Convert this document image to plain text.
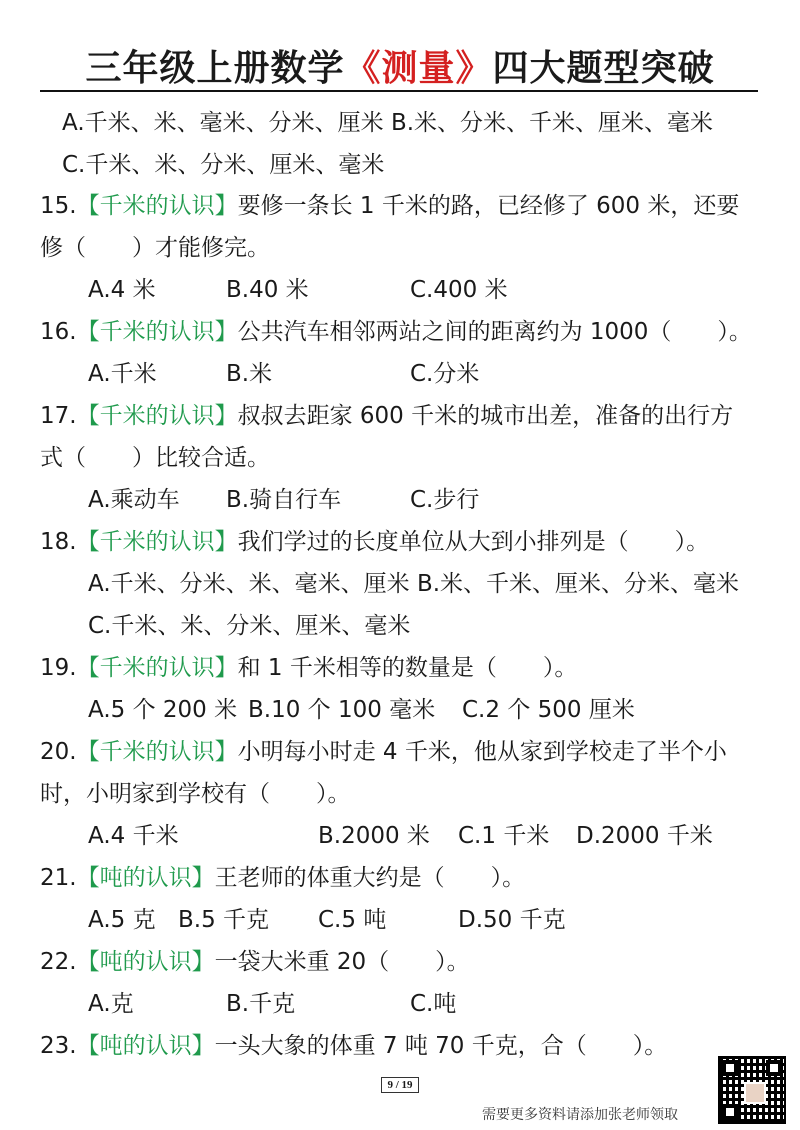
三年级上册数学《测量》四大题型突破
A.千米、米、毫米、分米、厘米 B.米、分米、千米、厘米、毫米
C.千米、米、分米、厘米、毫米
15.【千米的认识】要修一条长 1 千米的路，已经修了 600 米，还要
修（　　）才能修完。
A.4 米	B.40 米	C.400 米
16.【千米的认识】公共汽车相邻两站之间的距离约为 1000（　　）。
A.千米	B.米	C.分米
17.【千米的认识】叔叔去距家 600 千米的城市出差，准备的出行方
式（　　）比较合适。
A.乘动车 B.骑自行车	C.步行
18.【千米的认识】我们学过的长度单位从大到小排列是（　　）。
A.千米、分米、米、毫米、厘米 B.米、千米、厘米、分米、毫米
C.千米、米、分米、厘米、毫米
19.【千米的认识】和 1 千米相等的数量是（　　）。
A.5 个 200 米 B.10 个 100 毫米 C.2 个 500 厘米
20.【千米的认识】小明每小时走 4 千米，他从家到学校走了半个小
时，小明家到学校有（　　）。
A.4 千米	B.2000 米 C.1 千米 D.2000 千米
21.【吨的认识】王老师的体重大约是（　　）。
A.5 克 B.5 千克 C.5 吨	D.50 千克
22.【吨的认识】一袋大米重 20（　　）。
A.克	B.千克	C.吨
23.【吨的认识】一头大象的体重 7 吨 70 千克，合（　　）。
9 / 19
需要更多资料请添加张老师领取
